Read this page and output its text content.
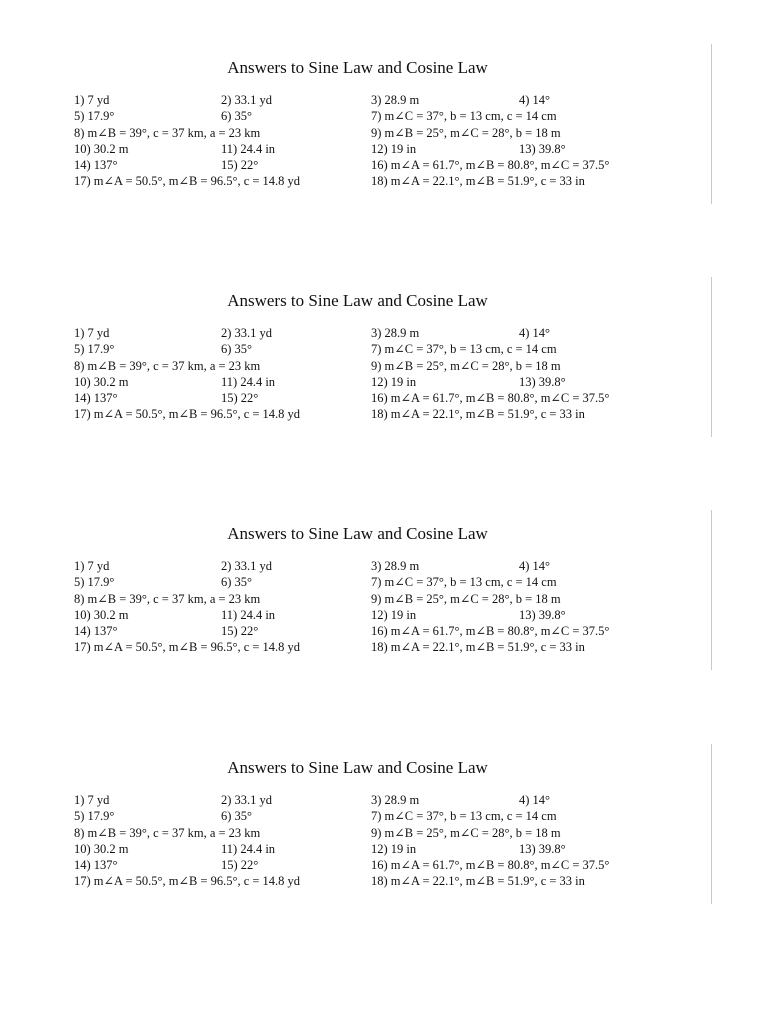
Answers to Sine Law and Cosine Law
1) 7 yd	2) 33.1 yd	3) 28.9 m	4) 14°
5) 17.9°	6) 35°	7) m∠C = 37°, b = 13 cm, c = 14 cm
8) m∠B = 39°, c = 37 km, a = 23 km	9) m∠B = 25°, m∠C = 28°, b = 18 m
10) 30.2 m	11) 24.4 in	12) 19 in	13) 39.8°
14) 137°	15) 22°	16) m∠A = 61.7°, m∠B = 80.8°, m∠C = 37.5°
17) m∠A = 50.5°, m∠B = 96.5°, c = 14.8 yd	18) m∠A = 22.1°, m∠B = 51.9°, c = 33 in
Answers to Sine Law and Cosine Law
1) 7 yd	2) 33.1 yd	3) 28.9 m	4) 14°
5) 17.9°	6) 35°	7) m∠C = 37°, b = 13 cm, c = 14 cm
8) m∠B = 39°, c = 37 km, a = 23 km	9) m∠B = 25°, m∠C = 28°, b = 18 m
10) 30.2 m	11) 24.4 in	12) 19 in	13) 39.8°
14) 137°	15) 22°	16) m∠A = 61.7°, m∠B = 80.8°, m∠C = 37.5°
17) m∠A = 50.5°, m∠B = 96.5°, c = 14.8 yd	18) m∠A = 22.1°, m∠B = 51.9°, c = 33 in
Answers to Sine Law and Cosine Law
1) 7 yd	2) 33.1 yd	3) 28.9 m	4) 14°
5) 17.9°	6) 35°	7) m∠C = 37°, b = 13 cm, c = 14 cm
8) m∠B = 39°, c = 37 km, a = 23 km	9) m∠B = 25°, m∠C = 28°, b = 18 m
10) 30.2 m	11) 24.4 in	12) 19 in	13) 39.8°
14) 137°	15) 22°	16) m∠A = 61.7°, m∠B = 80.8°, m∠C = 37.5°
17) m∠A = 50.5°, m∠B = 96.5°, c = 14.8 yd	18) m∠A = 22.1°, m∠B = 51.9°, c = 33 in
Answers to Sine Law and Cosine Law
1) 7 yd	2) 33.1 yd	3) 28.9 m	4) 14°
5) 17.9°	6) 35°	7) m∠C = 37°, b = 13 cm, c = 14 cm
8) m∠B = 39°, c = 37 km, a = 23 km	9) m∠B = 25°, m∠C = 28°, b = 18 m
10) 30.2 m	11) 24.4 in	12) 19 in	13) 39.8°
14) 137°	15) 22°	16) m∠A = 61.7°, m∠B = 80.8°, m∠C = 37.5°
17) m∠A = 50.5°, m∠B = 96.5°, c = 14.8 yd	18) m∠A = 22.1°, m∠B = 51.9°, c = 33 in
